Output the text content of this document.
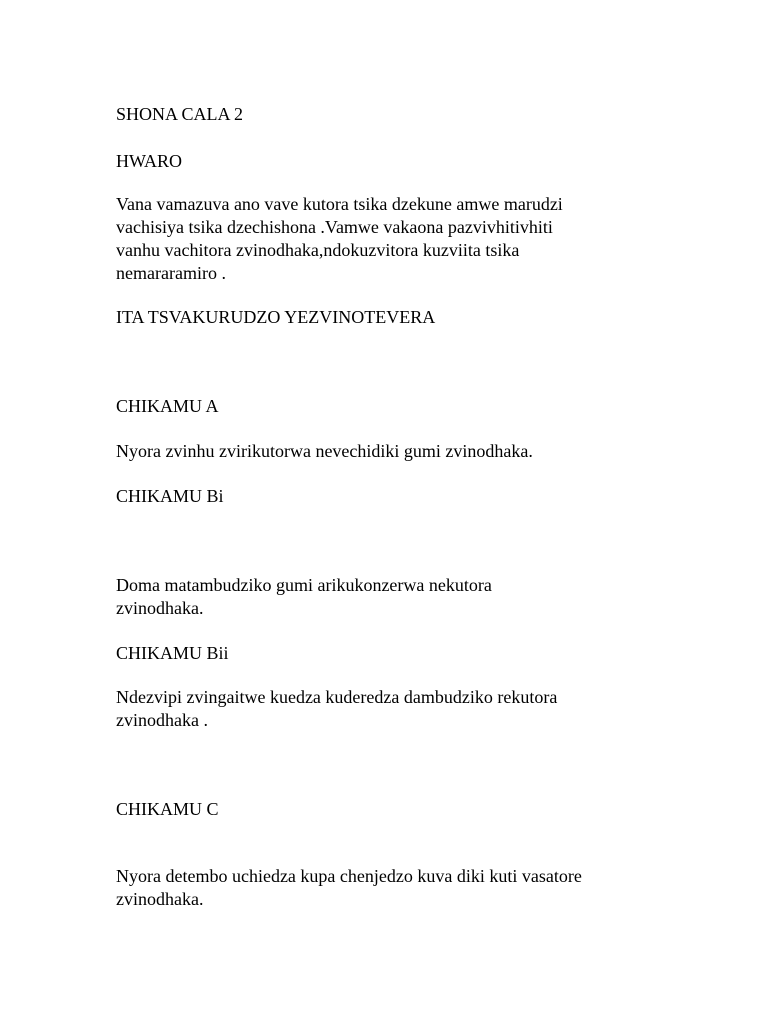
SHONA CALA 2

HWARO

Vana vamazuva ano vave kutora tsika dzekune amwe marudzi

vachisiya tsika dzechishona .Vamwe vakaona pazvivhitivhiti

vanhu vachitora zvinodhaka,ndokuzvitora kuzviita tsika

nemararamiro .

ITA TSVAKURUDZO YEZVINOTEVERA

CHIKAMU A

Nyora zvinhu zvirikutorwa nevechidiki gumi zvinodhaka.

CHIKAMU Bi

Doma matambudziko gumi arikukonzerwa nekutora

zvinodhaka.

CHIKAMU Bii

Ndezvipi zvingaitwe kuedza kuderedza dambudziko rekutora

zvinodhaka .

CHIKAMU C

Nyora detembo uchiedza kupa chenjedzo kuva diki kuti vasatore

zvinodhaka.
